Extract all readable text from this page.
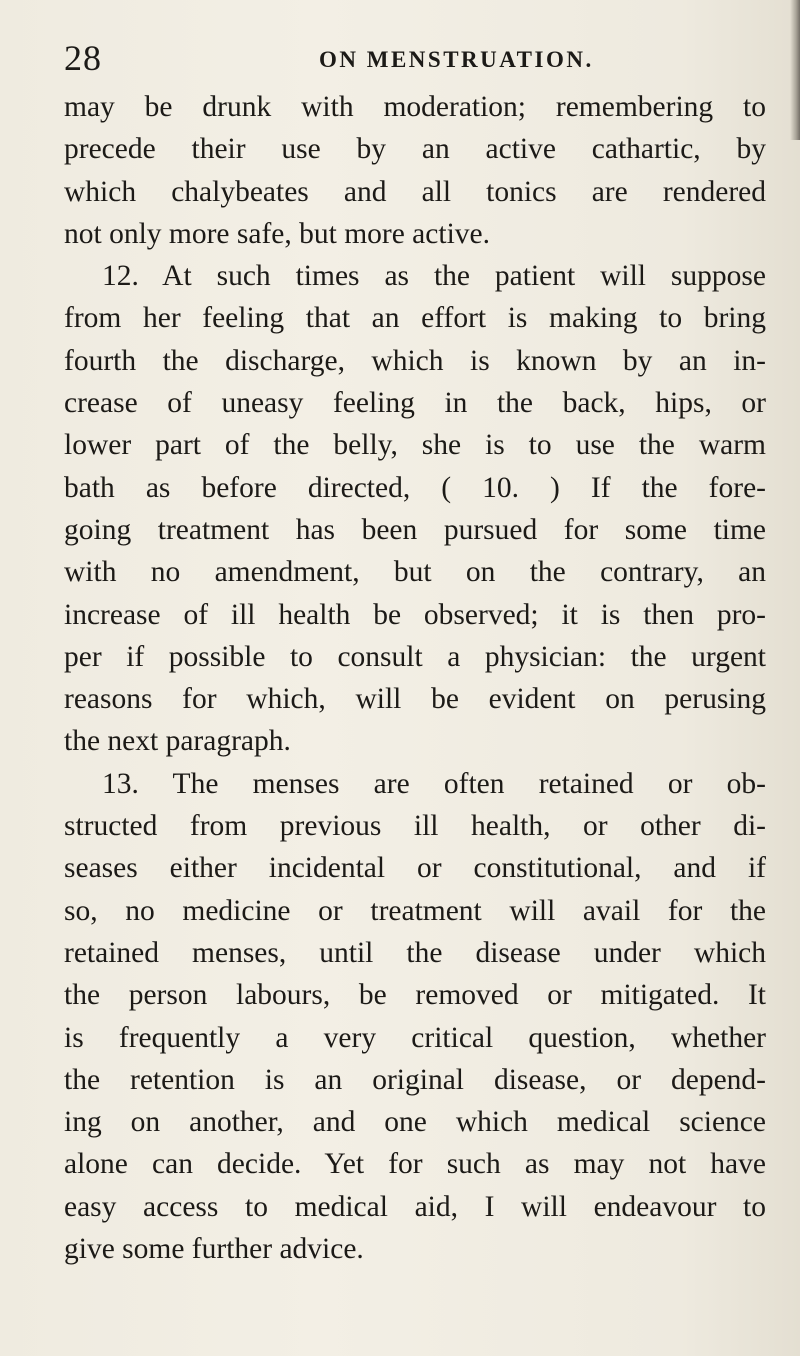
28	ON MENSTRUATION.
may be drunk with moderation; remembering to
precede their use by an active cathartic, by
which chalybeates and all tonics are rendered
not only more safe, but more active.
12. At such times as the patient will suppose
from her feeling that an effort is making to bring
fourth the discharge, which is known by an in-
crease of uneasy feeling in the back, hips, or
lower part of the belly, she is to use the warm
bath as before directed, ( 10. ) If the fore-
going treatment has been pursued for some time
with no amendment, but on the contrary, an
increase of ill health be observed; it is then pro-
per if possible to consult a physician: the urgent
reasons for which, will be evident on perusing
the next paragraph.
13. The menses are often retained or ob-
structed from previous ill health, or other di-
seases either incidental or constitutional, and if
so, no medicine or treatment will avail for the
retained menses, until the disease under which
the person labours, be removed or mitigated. It
is frequently a very critical question, whether
the retention is an original disease, or depend-
ing on another, and one which medical science
alone can decide. Yet for such as may not have
easy access to medical aid, I will endeavour to
give some further advice.
